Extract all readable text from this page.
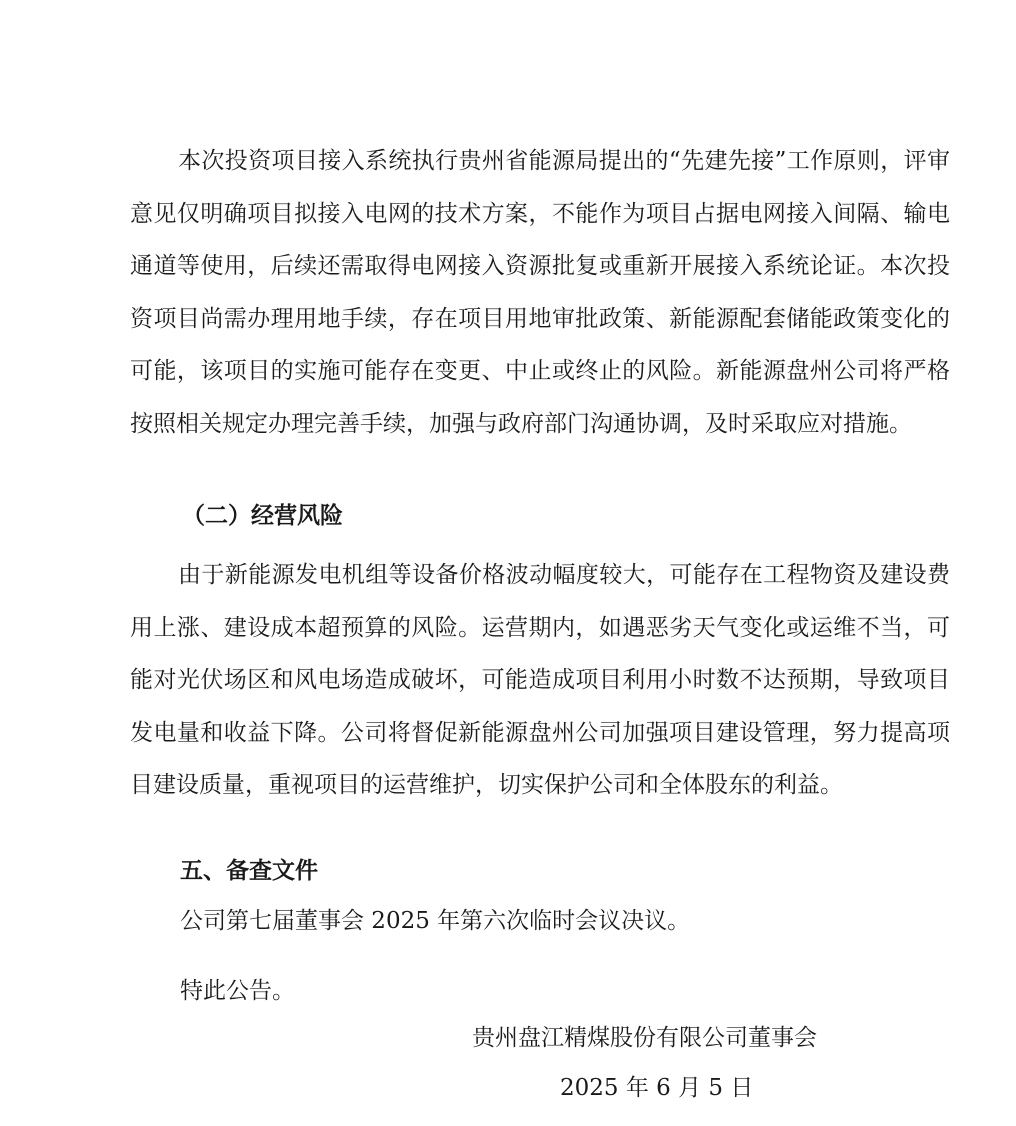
本次投资项目接入系统执行贵州省能源局提出的“先建先接”工作原则，评审意见仅明确项目拟接入电网的技术方案，不能作为项目占据电网接入间隔、输电通道等使用，后续还需取得电网接入资源批复或重新开展接入系统论证。本次投资项目尚需办理用地手续，存在项目用地审批政策、新能源配套储能政策变化的可能，该项目的实施可能存在变更、中止或终止的风险。新能源盘州公司将严格按照相关规定办理完善手续，加强与政府部门沟通协调，及时采取应对措施。

（二）经营风险

由于新能源发电机组等设备价格波动幅度较大，可能存在工程物资及建设费用上涨、建设成本超预算的风险。运营期内，如遇恶劣天气变化或运维不当，可能对光伏场区和风电场造成破坏，可能造成项目利用小时数不达预期，导致项目发电量和收益下降。公司将督促新能源盘州公司加强项目建设管理，努力提高项目建设质量，重视项目的运营维护，切实保护公司和全体股东的利益。

五、备查文件

公司第七届董事会 2025 年第六次临时会议决议。

特此公告。

贵州盘江精煤股份有限公司董事会

2025 年 6 月 5 日
